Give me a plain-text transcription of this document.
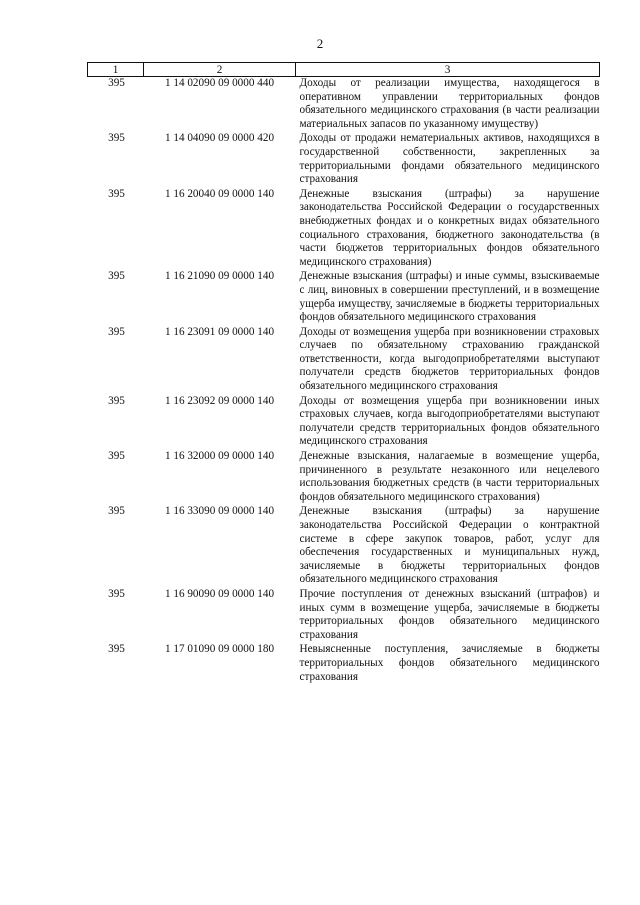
2
1	2	3
395	1 14 02090 09 0000 440	Доходы от реализации имущества, находящегося в оперативном управлении территориальных фондов обязательного медицинского страхования (в части реализации материальных запасов по указанному имуществу)
395	1 14 04090 09 0000 420	Доходы от продажи нематериальных активов, находящихся в государственной собственности, закрепленных за территориальными фондами обязательного медицинского страхования
395	1 16 20040 09 0000 140	Денежные взыскания (штрафы) за нарушение законодательства Российской Федерации о государственных внебюджетных фондах и о конкретных видах обязательного социального страхования, бюджетного законодательства (в части бюджетов территориальных фондов обязательного медицинского страхования)
395	1 16 21090 09 0000 140	Денежные взыскания (штрафы) и иные суммы, взыскиваемые с лиц, виновных в совершении преступлений, и в возмещение ущерба имуществу, зачисляемые в бюджеты территориальных фондов обязательного медицинского страхования
395	1 16 23091 09 0000 140	Доходы от возмещения ущерба при возникновении страховых случаев по обязательному страхованию гражданской ответственности, когда выгодоприобретателями выступают получатели средств бюджетов территориальных фондов обязательного медицинского страхования
395	1 16 23092 09 0000 140	Доходы от возмещения ущерба при возникновении иных страховых случаев, когда выгодоприобретателями выступают получатели средств территориальных фондов обязательного медицинского страхования
395	1 16 32000 09 0000 140	Денежные взыскания, налагаемые в возмещение ущерба, причиненного в результате незаконного или нецелевого использования бюджетных средств (в части территориальных фондов обязательного медицинского страхования)
395	1 16 33090 09 0000 140	Денежные взыскания (штрафы) за нарушение законодательства Российской Федерации о контрактной системе в сфере закупок товаров, работ, услуг для обеспечения государственных и муниципальных нужд, зачисляемые в бюджеты территориальных фондов обязательного медицинского страхования
395	1 16 90090 09 0000 140	Прочие поступления от денежных взысканий (штрафов) и иных сумм в возмещение ущерба, зачисляемые в бюджеты территориальных фондов обязательного медицинского страхования
395	1 17 01090 09 0000 180	Невыясненные поступления, зачисляемые в бюджеты территориальных фондов обязательного медицинского страхования
